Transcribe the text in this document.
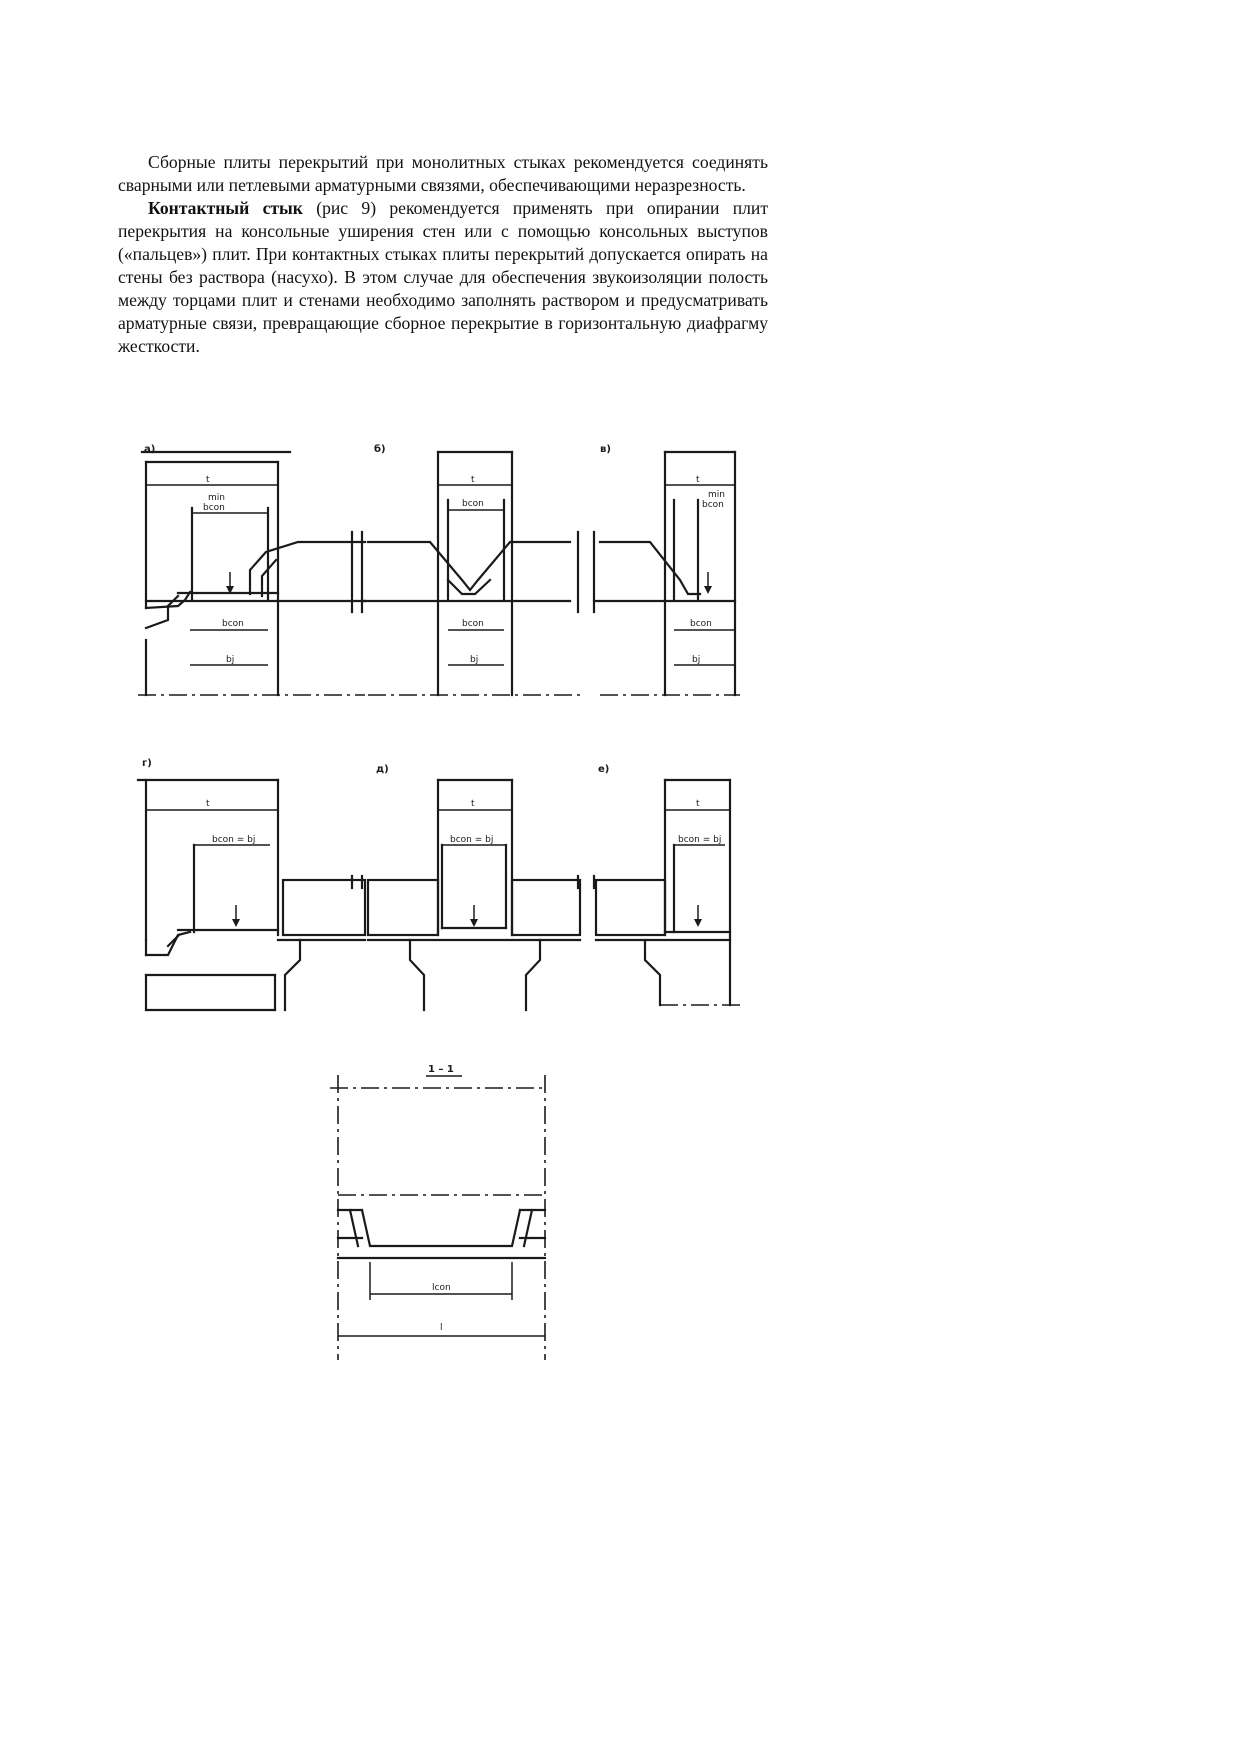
Сборные плиты перекрытий при монолитных стыках рекомендуется соединять сварными или петлевыми арматурными связями, обеспечивающими неразрезность.

Контактный стык (рис 9) рекомендуется применять при опирании плит перекрытия на консольные уширения стен или с помощью консольных выступов («пальцев») плит. При контактных стыках плиты перекрытий допускается опирать на стены без раствора (насухо). В этом случае для обеспечения звукоизоляции полость между торцами плит и стенами необходимо заполнять раствором и предусматривать арматурные связи, превращающие сборное перекрытие в горизонтальную диафрагму жесткости.

а)
t
min
bcon
bcon
bj
б)
t
bcon
bcon
bj
в)
t
min
bcon
bcon
bj
г)
t
bcon = bj
д)
t
bcon = bj
е)
t
bcon = bj
1 – 1
lcon
l
